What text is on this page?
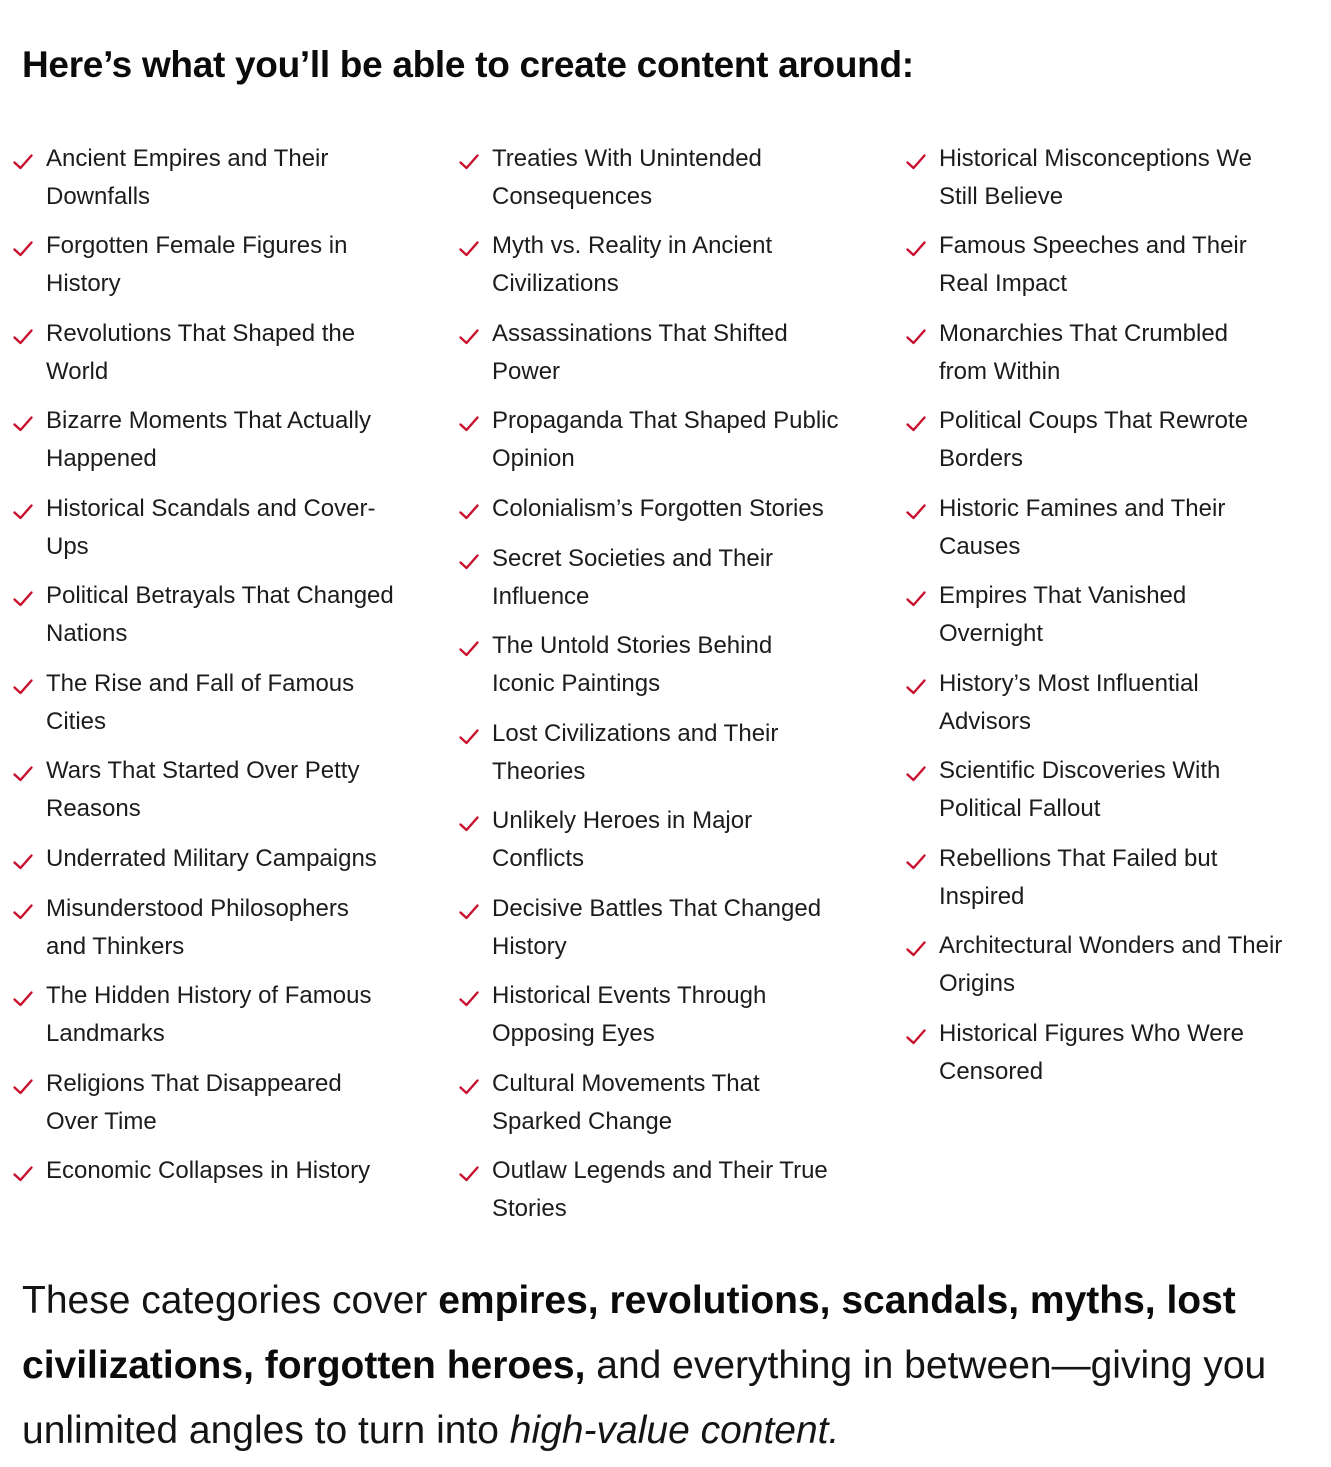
Here’s what you’ll be able to create content around:
Ancient Empires and Their
Downfalls
Forgotten Female Figures in
History
Revolutions That Shaped the
World
Bizarre Moments That Actually
Happened
Historical Scandals and Cover-
Ups
Political Betrayals That Changed
Nations
The Rise and Fall of Famous
Cities
Wars That Started Over Petty
Reasons
Underrated Military Campaigns
Misunderstood Philosophers
and Thinkers
The Hidden History of Famous
Landmarks
Religions That Disappeared
Over Time
Economic Collapses in History
Treaties With Unintended
Consequences
Myth vs. Reality in Ancient
Civilizations
Assassinations That Shifted
Power
Propaganda That Shaped Public
Opinion
Colonialism’s Forgotten Stories
Secret Societies and Their
Influence
The Untold Stories Behind
Iconic Paintings
Lost Civilizations and Their
Theories
Unlikely Heroes in Major
Conflicts
Decisive Battles That Changed
History
Historical Events Through
Opposing Eyes
Cultural Movements That
Sparked Change
Outlaw Legends and Their True
Stories
Historical Misconceptions We
Still Believe
Famous Speeches and Their
Real Impact
Monarchies That Crumbled
from Within
Political Coups That Rewrote
Borders
Historic Famines and Their
Causes
Empires That Vanished
Overnight
History’s Most Influential
Advisors
Scientific Discoveries With
Political Fallout
Rebellions That Failed but
Inspired
Architectural Wonders and Their
Origins
Historical Figures Who Were
Censored

These categories cover empires, revolutions, scandals, myths, lost civilizations, forgotten heroes, and everything in between—giving you unlimited angles to turn into high-value content.
